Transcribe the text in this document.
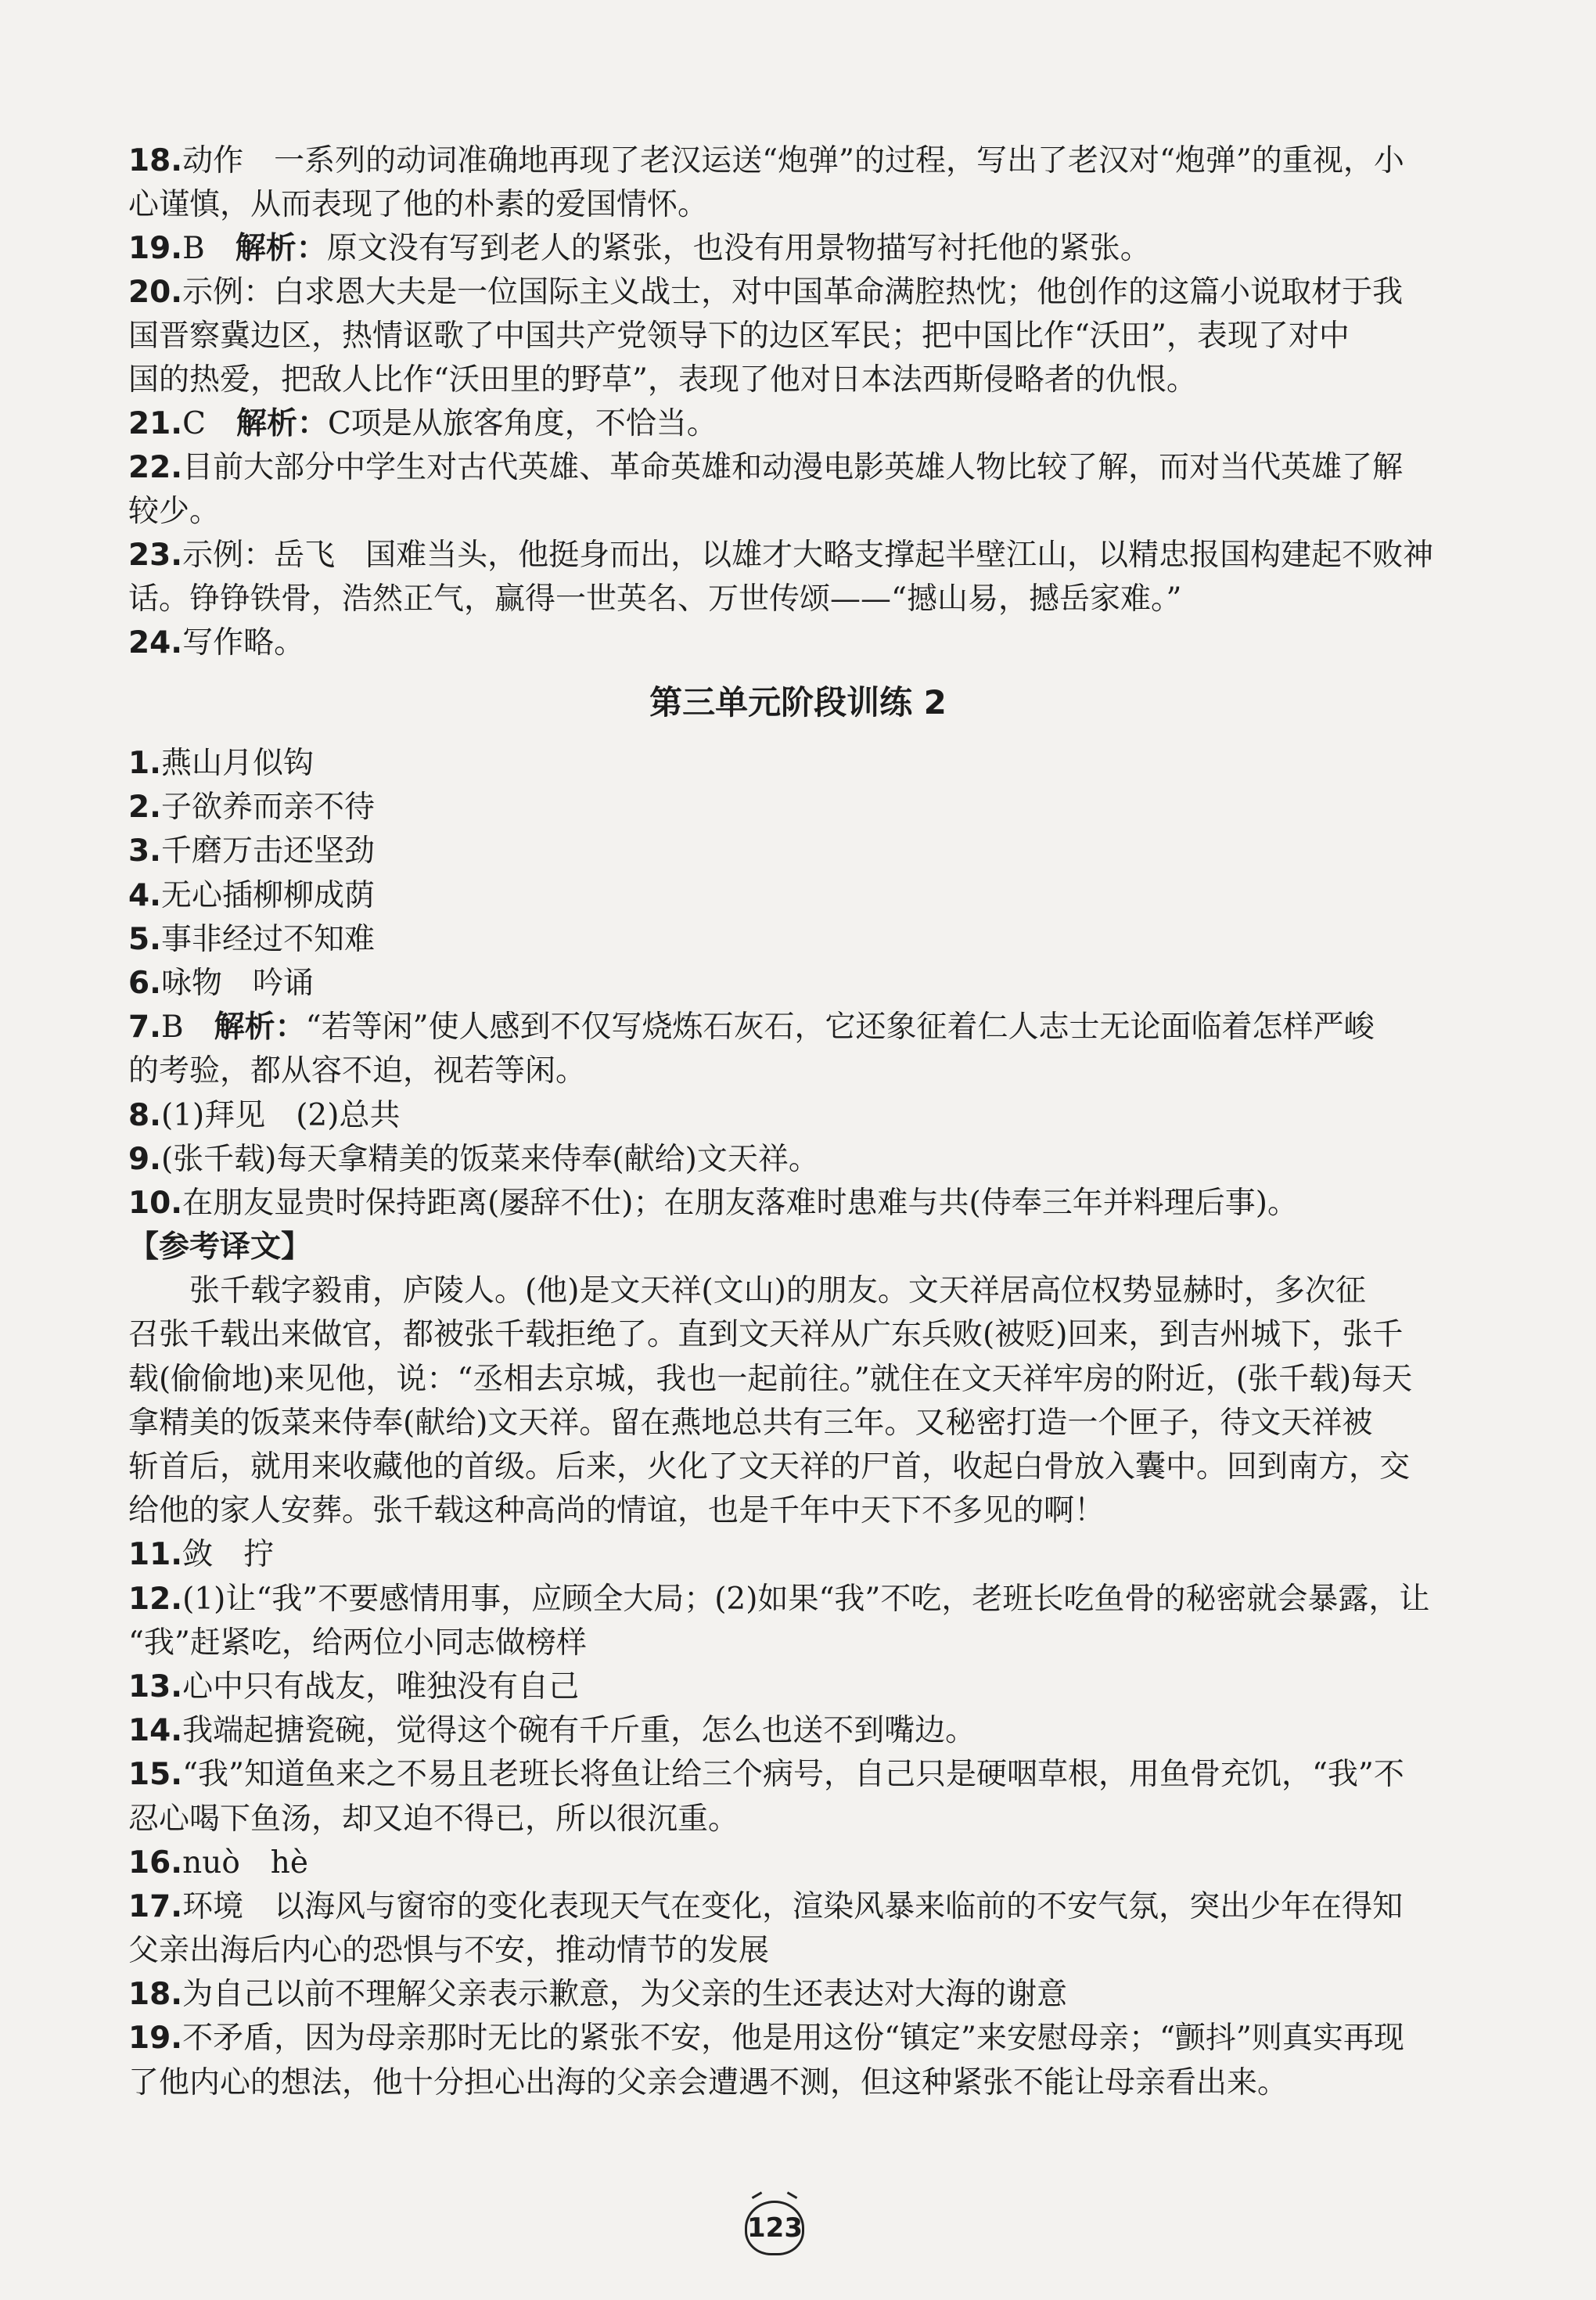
18.动作　一系列的动词准确地再现了老汉运送“炮弹”的过程，写出了老汉对“炮弹”的重视，小
心谨慎，从而表现了他的朴素的爱国情怀。
19.B　解析：原文没有写到老人的紧张，也没有用景物描写衬托他的紧张。
20.示例：白求恩大夫是一位国际主义战士，对中国革命满腔热忱；他创作的这篇小说取材于我
国晋察冀边区，热情讴歌了中国共产党领导下的边区军民；把中国比作“沃田”，表现了对中
国的热爱，把敌人比作“沃田里的野草”，表现了他对日本法西斯侵略者的仇恨。
21.C　解析：C项是从旅客角度，不恰当。
22.目前大部分中学生对古代英雄、革命英雄和动漫电影英雄人物比较了解，而对当代英雄了解
较少。
23.示例：岳飞　国难当头，他挺身而出，以雄才大略支撑起半壁江山，以精忠报国构建起不败神
话。铮铮铁骨，浩然正气，赢得一世英名、万世传颂——“撼山易，撼岳家难。”
24.写作略。
第三单元阶段训练 2
1.燕山月似钩
2.子欲养而亲不待
3.千磨万击还坚劲
4.无心插柳柳成荫
5.事非经过不知难
6.咏物　吟诵
7.B　解析：“若等闲”使人感到不仅写烧炼石灰石，它还象征着仁人志士无论面临着怎样严峻
的考验，都从容不迫，视若等闲。
8.(1)拜见　(2)总共
9.(张千载)每天拿精美的饭菜来侍奉(献给)文天祥。
10.在朋友显贵时保持距离(屡辞不仕)；在朋友落难时患难与共(侍奉三年并料理后事)。
【参考译文】
　　张千载字毅甫，庐陵人。(他)是文天祥(文山)的朋友。文天祥居高位权势显赫时，多次征
召张千载出来做官，都被张千载拒绝了。直到文天祥从广东兵败(被贬)回来，到吉州城下，张千
载(偷偷地)来见他，说：“丞相去京城，我也一起前往。”就住在文天祥牢房的附近，(张千载)每天
拿精美的饭菜来侍奉(献给)文天祥。留在燕地总共有三年。又秘密打造一个匣子，待文天祥被
斩首后，就用来收藏他的首级。后来，火化了文天祥的尸首，收起白骨放入囊中。回到南方，交
给他的家人安葬。张千载这种高尚的情谊，也是千年中天下不多见的啊！
11.敛　拧
12.(1)让“我”不要感情用事，应顾全大局；(2)如果“我”不吃，老班长吃鱼骨的秘密就会暴露，让
“我”赶紧吃，给两位小同志做榜样
13.心中只有战友，唯独没有自己
14.我端起搪瓷碗，觉得这个碗有千斤重，怎么也送不到嘴边。
15.“我”知道鱼来之不易且老班长将鱼让给三个病号，自己只是硬咽草根，用鱼骨充饥，“我”不
忍心喝下鱼汤，却又迫不得已，所以很沉重。
16.nuò　hè
17.环境　以海风与窗帘的变化表现天气在变化，渲染风暴来临前的不安气氛，突出少年在得知
父亲出海后内心的恐惧与不安，推动情节的发展
18.为自己以前不理解父亲表示歉意，为父亲的生还表达对大海的谢意
19.不矛盾，因为母亲那时无比的紧张不安，他是用这份“镇定”来安慰母亲；“颤抖”则真实再现
了他内心的想法，他十分担心出海的父亲会遭遇不测，但这种紧张不能让母亲看出来。
123
